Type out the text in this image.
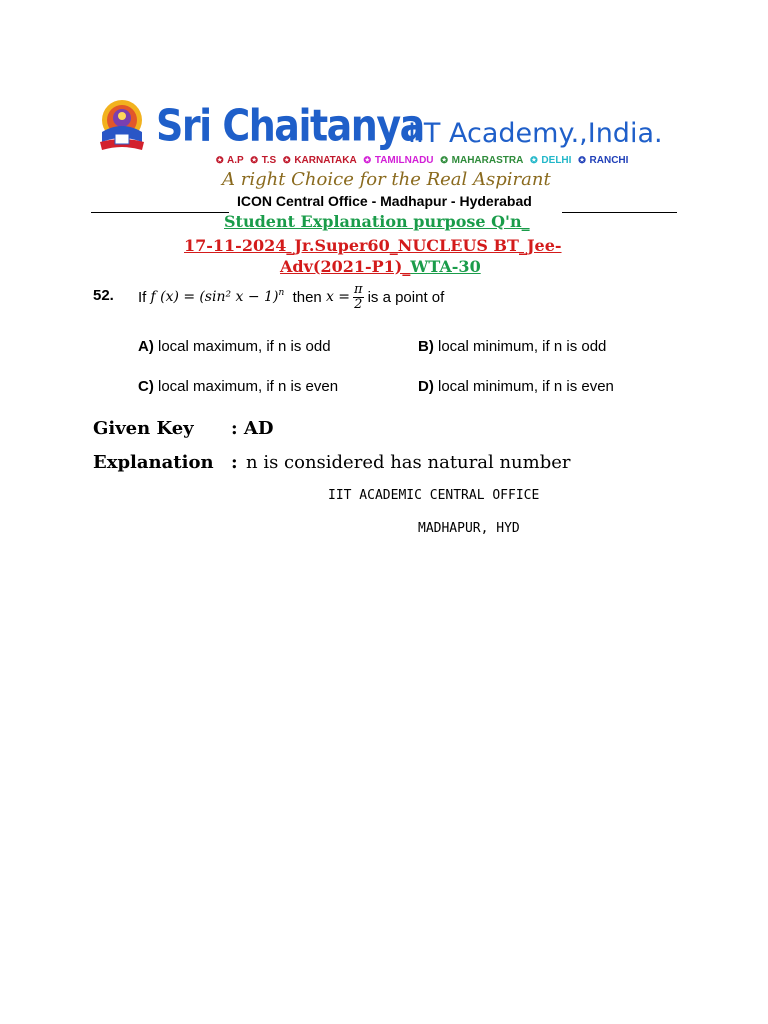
Sri Chaitanya
IIT Academy.,India.
✪ A.P ✪ T.S ✪ KARNATAKA ✪ TAMILNADU ✪ MAHARASTRA ✪ DELHI ✪ RANCHI
A right Choice for the Real Aspirant
ICON Central Office - Madhapur - Hyderabad
Student Explanation purpose Q'n_
17-11-2024_Jr.Super60_NUCLEUS BT_Jee-
Adv(2021-P1)_WTA-30
52. If
f (x) =
(sin² x − 1)$^n$
then
$x = \frac{\pi}{2}$ is a point of
A) local maximum, if n is odd	B) local minimum, if n is odd
C) local maximum, if n is even	D) local minimum, if n is even
Given Key : AD
Explanation : n is considered has natural number
IIT ACADEMIC CENTRAL OFFICE
MADHAPUR, HYD
